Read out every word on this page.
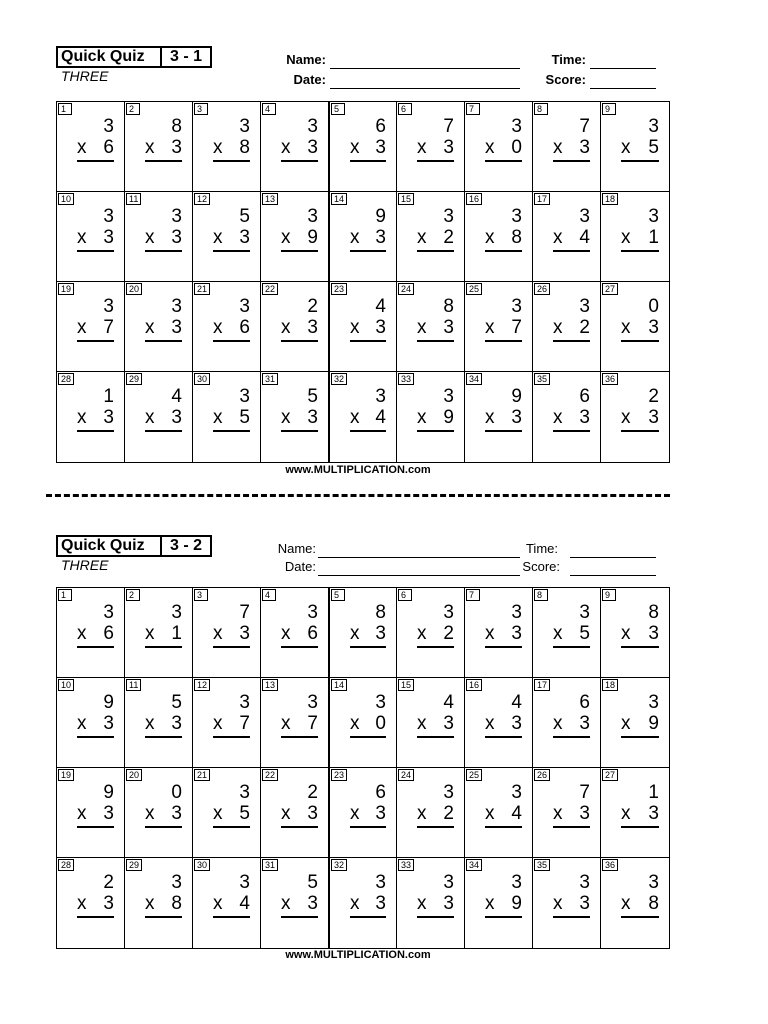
Quick Quiz	3 - 1
THREE
Name:
Date:
Time:
Score:
1
3
x 6
2
8
x 3
3
3
x 8
4
3
x 3
5
6
x 3
6
7
x 3
7
3
x 0
8
7
x 3
9
3
x 5
10
3
x 3
11
3
x 3
12
5
x 3
13
3
x 9
14
9
x 3
15
3
x 2
16
3
x 8
17
3
x 4
18
3
x 1
19
3
x 7
20
3
x 3
21
3
x 6
22
2
x 3
23
4
x 3
24
8
x 3
25
3
x 7
26
3
x 2
27
0
x 3
28
1
x 3
29
4
x 3
30
3
x 5
31
5
x 3
32
3
x 4
33
3
x 9
34
9
x 3
35
6
x 3
36
2
x 3
www.MULTIPLICATION.com
Quick Quiz	3 - 2
THREE
Name:
Date:
Time:
Score:
1
3
x 6
2
3
x 1
3
7
x 3
4
3
x 6
5
8
x 3
6
3
x 2
7
3
x 3
8
3
x 5
9
8
x 3
10
9
x 3
11
5
x 3
12
3
x 7
13
3
x 7
14
3
x 0
15
4
x 3
16
4
x 3
17
6
x 3
18
3
x 9
19
9
x 3
20
0
x 3
21
3
x 5
22
2
x 3
23
6
x 3
24
3
x 2
25
3
x 4
26
7
x 3
27
1
x 3
28
2
x 3
29
3
x 8
30
3
x 4
31
5
x 3
32
3
x 3
33
3
x 3
34
3
x 9
35
3
x 3
36
3
x 8
www.MULTIPLICATION.com
